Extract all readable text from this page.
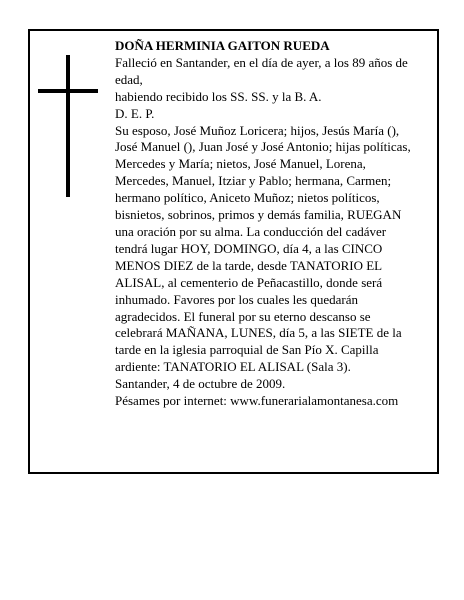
DOÑA HERMINIA GAITON RUEDA

Falleció en Santander, en el día de ayer, a los 89 años de edad,

habiendo recibido los SS. SS. y la B. A.

D. E. P.

Su esposo, José Muñoz Loricera; hijos, Jesús María (), José Manuel (), Juan José y José Antonio; hijas políticas, Mercedes y María; nietos, José Manuel, Lorena, Mercedes, Manuel, Itziar y Pablo; hermana, Carmen; hermano político, Aniceto Muñoz; nietos políticos, bisnietos, sobrinos, primos y demás familia, RUEGAN una oración por su alma. La conducción del cadáver tendrá lugar HOY, DOMINGO, día 4, a las CINCO MENOS DIEZ de la tarde, desde TANATORIO EL ALISAL, al cementerio de Peñacastillo, donde será inhumado. Favores por los cuales les quedarán agradecidos. El funeral por su eterno descanso se celebrará MAÑANA, LUNES, día 5, a las SIETE de la tarde en la iglesia parroquial de San Pío X. Capilla ardiente: TANATORIO EL ALISAL (Sala 3).

Santander, 4 de octubre de 2009.

Pésames por internet: www.funerarialamontanesa.com
